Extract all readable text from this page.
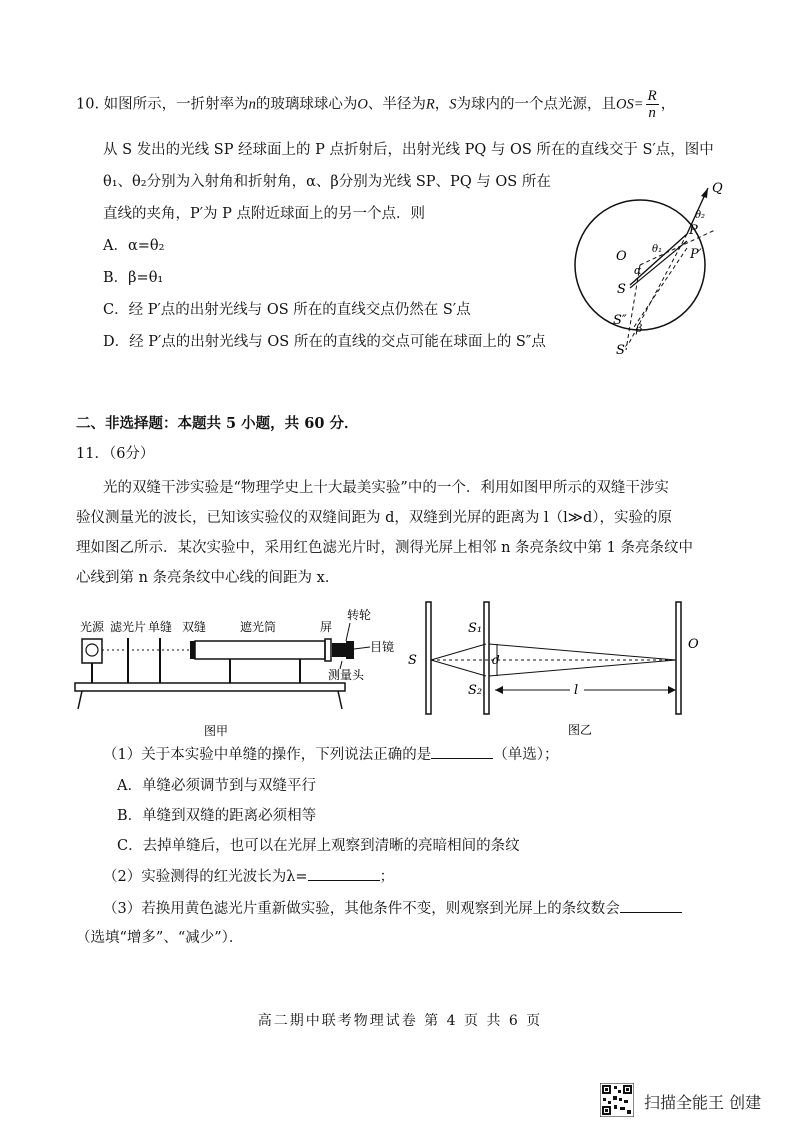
10. 如图所示，一折射率为n的玻璃球球心为O、半径为R，S为球内的一个点光源，且$OS= \frac{R}{n}$ ，
从 S 发出的光线 SP 经球面上的 P 点折射后，出射光线 PQ 与 OS 所在的直线交于 S′点，图中
θ₁、θ₂分别为入射角和折射角，α、β分别为光线 SP、PQ 与 OS 所在
直线的夹角，P′为 P 点附近球面上的另一个点．则
A．α=θ₂
B．β=θ₁
C．经 P′点的出射光线与 OS 所在的直线交点仍然在 S′点
D．经 P′点的出射光线与 OS 所在的直线的交点可能在球面上的 S″点
Q
θ₂
P
O	θ₁
α
P′
S
S″
β
S′
二、非选择题：本题共 5 小题，共 60 分．
11．（6分）
光的双缝干涉实验是“物理学史上十大最美实验”中的一个．利用如图甲所示的双缝干涉实
验仪测量光的波长，已知该实验仪的双缝间距为 d，双缝到光屏的距离为 l（l≫d），实验的原
理如图乙所示．某次实验中，采用红色滤光片时，测得光屏上相邻 n 条亮条纹中第 1 条亮条纹中
心线到第 n 条亮条纹中心线的间距为 x．
光源 滤光片 单缝 双缝	遮光筒	屏
转轮
目镜
测量头
图甲
S
S₁
S₂
d
O
l
图乙
（1）关于本实验中单缝的操作，下列说法正确的是	（单选）；
A．单缝必须调节到与双缝平行
B．单缝到双缝的距离必须相等
C．去掉单缝后，也可以在光屏上观察到清晰的亮暗相间的条纹
（2）实验测得的红光波长为λ=	；
（3）若换用黄色滤光片重新做实验，其他条件不变，则观察到光屏上的条纹数会
（选填“增多”、“减少”）．
高二期中联考物理试卷 第 4 页 共 6 页
扫描全能王 创建
